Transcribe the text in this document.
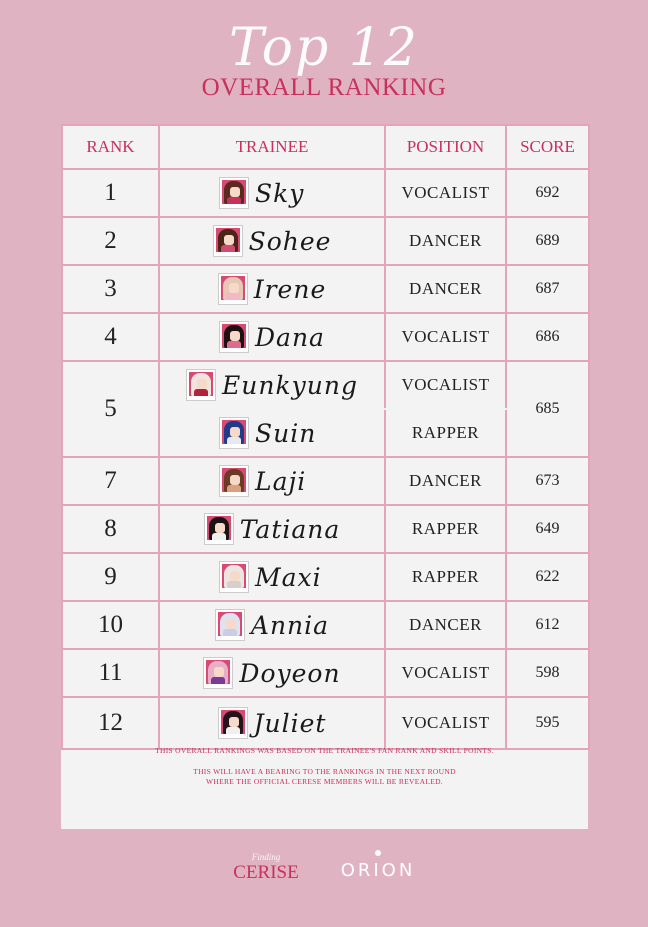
Top 12
OVERALL RANKING
RANK	TRAINEE	POSITION	SCORE
1	Sky	VOCALIST	692
2	Sohee	DANCER	689
3	Irene	DANCER	687
4	Dana	VOCALIST	686
5	Eunkyung	VOCALIST	685

	Suin	RAPPER	
7	Laji	DANCER	673
8	Tatiana	RAPPER	649
9	Maxi	RAPPER	622
10	Annia	DANCER	612
11	Doyeon	VOCALIST	598
12	Juliet	VOCALIST	595

THIS OVERALL RANKINGS WAS BASED ON THE TRAINEE'S FAN RANK AND SKILL POINTS.

THIS WILL HAVE A BEARING TO THE RANKINGS IN THE NEXT ROUND
WHERE THE OFFICIAL CERESE MEMBERS WILL BE REVEALED.
Finding
CERISE	ORION
